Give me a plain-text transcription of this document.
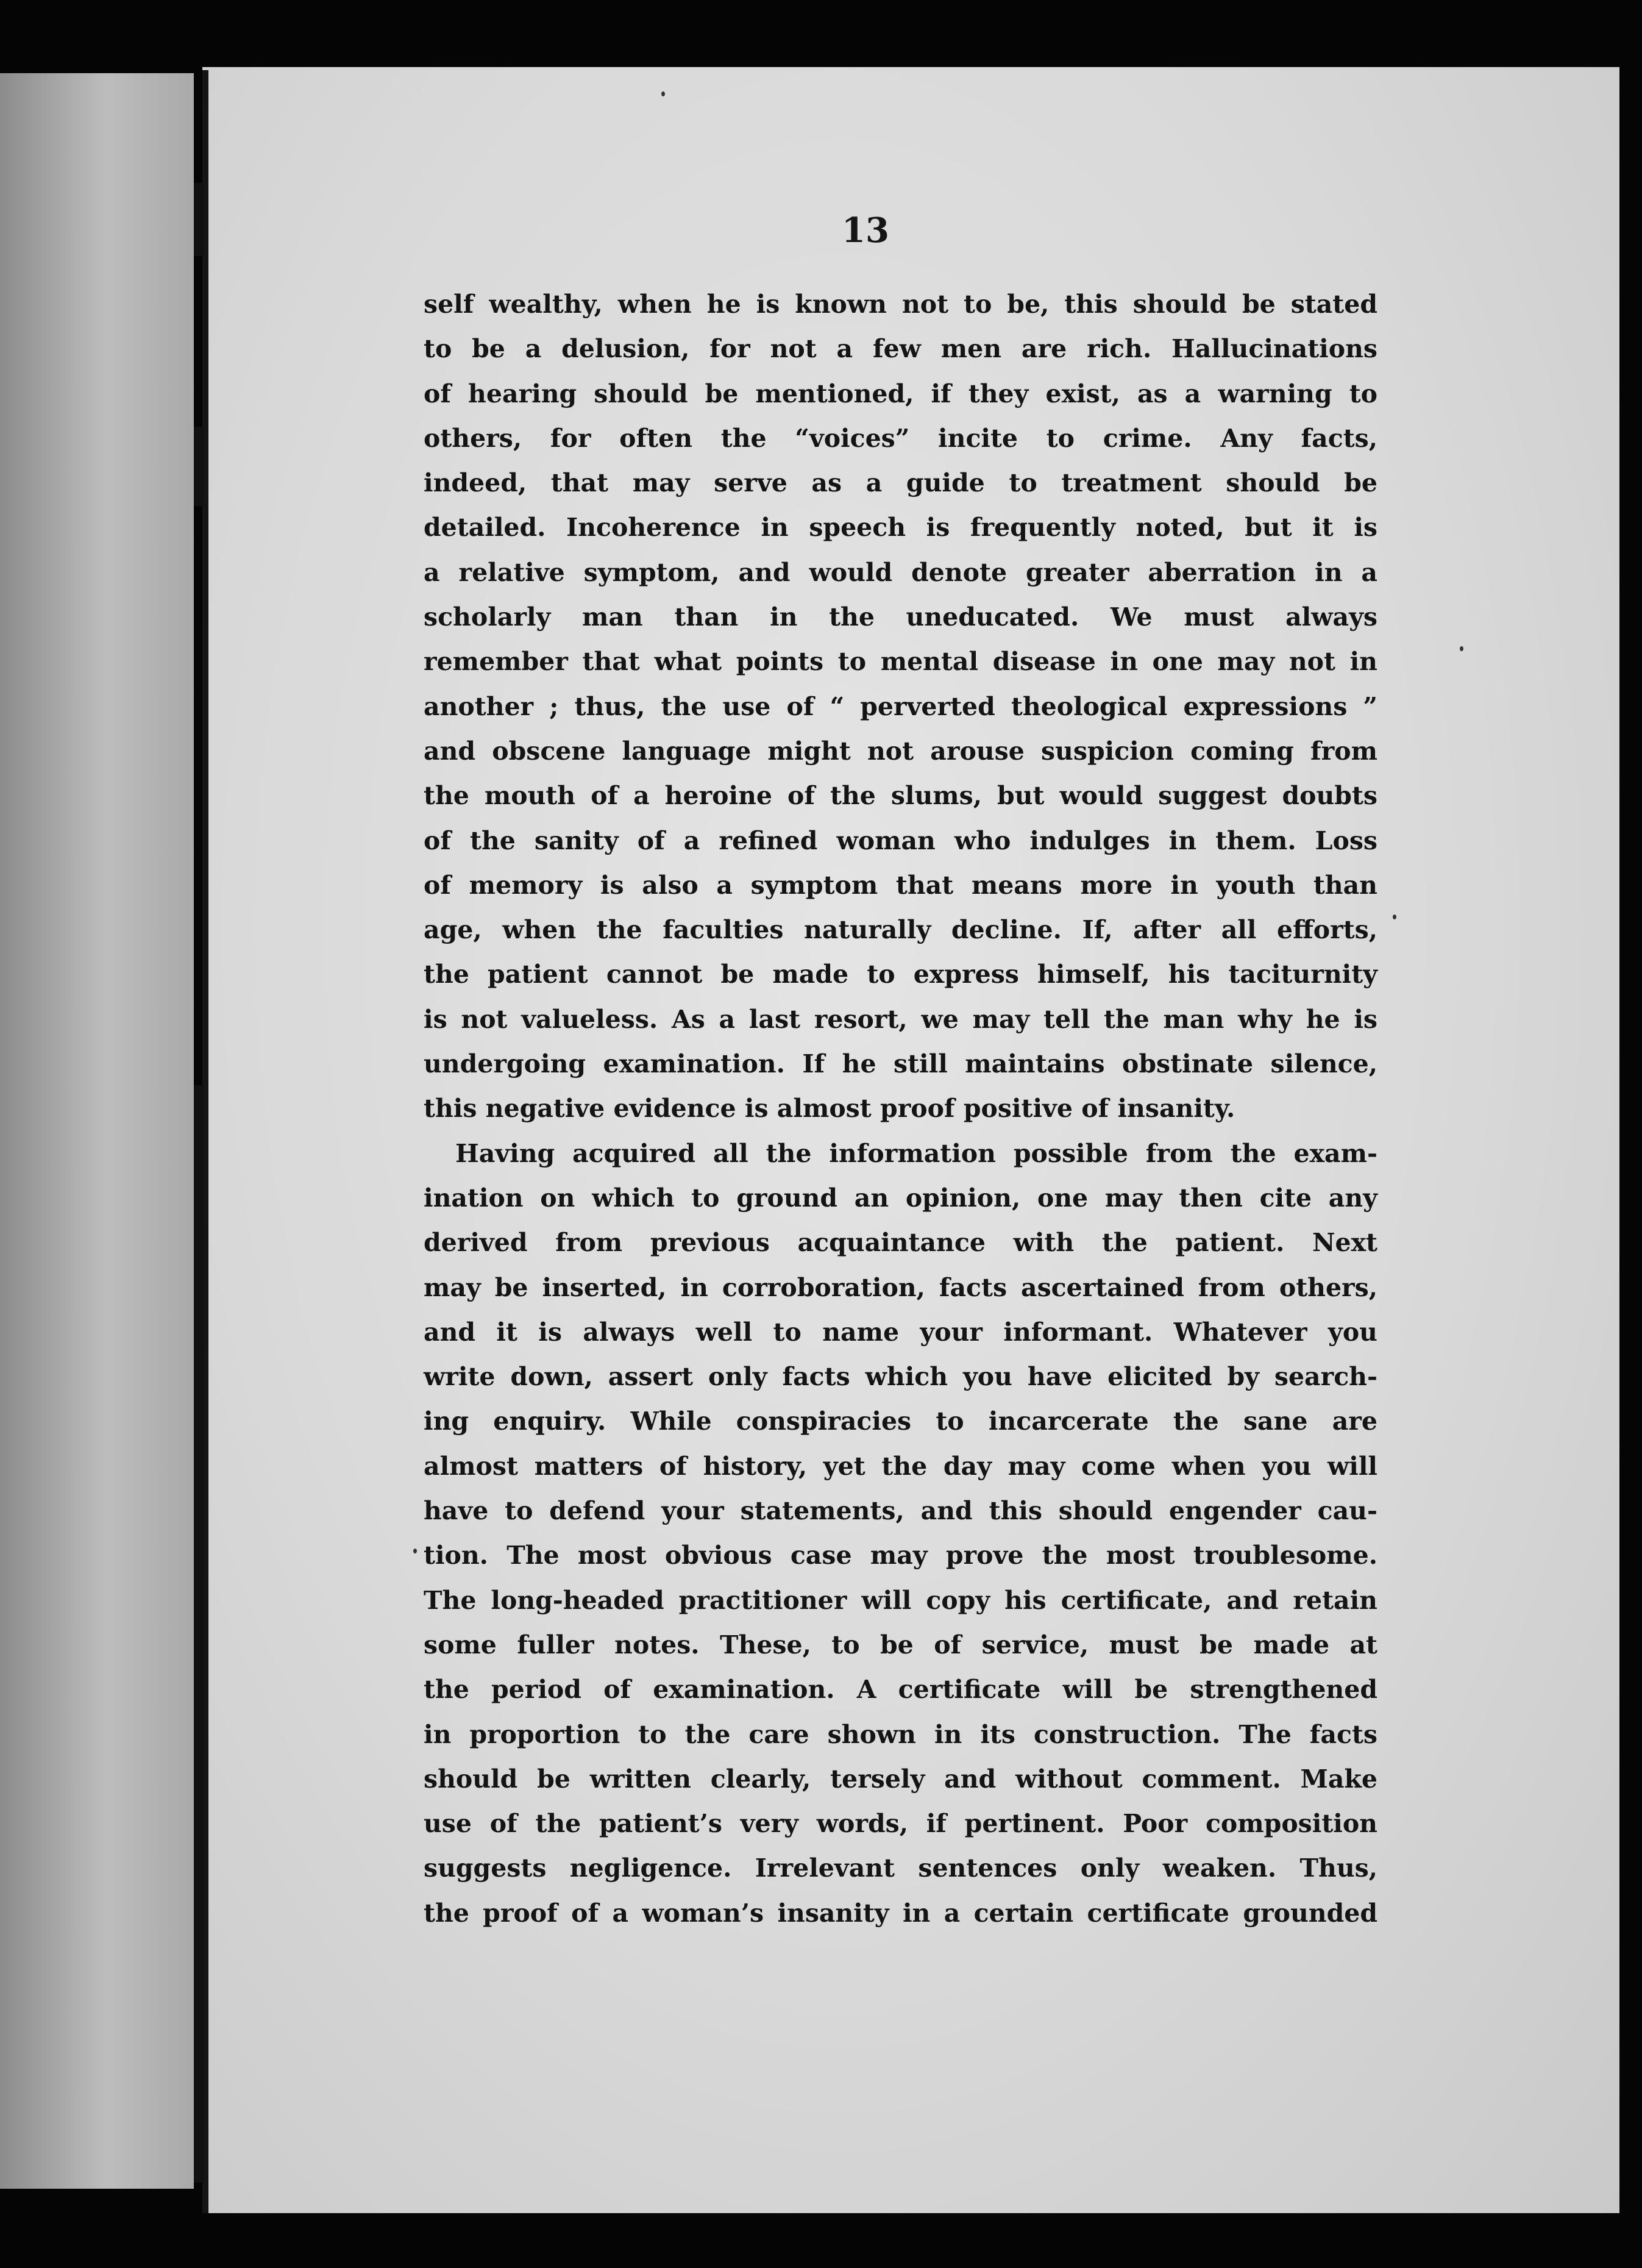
13
self wealthy, when he is known not to be, this should be stated
to be a delusion, for not a few men are rich. Hallucinations
of hearing should be mentioned, if they exist, as a warning to
others, for often the “voices” incite to crime. Any facts,
indeed, that may serve as a guide to treatment should be
detailed. Incoherence in speech is frequently noted, but it is
a relative symptom, and would denote greater aberration in a
scholarly man than in the uneducated. We must always
remember that what points to mental disease in one may not in
another ; thus, the use of “ perverted theological expressions ”
and obscene language might not arouse suspicion coming from
the mouth of a heroine of the slums, but would suggest doubts
of the sanity of a refined woman who indulges in them. Loss
of memory is also a symptom that means more in youth than
age, when the faculties naturally decline. If, after all efforts,
the patient cannot be made to express himself, his taciturnity
is not valueless. As a last resort, we may tell the man why he is
undergoing examination. If he still maintains obstinate silence,
this negative evidence is almost proof positive of insanity.
Having acquired all the information possible from the exam-
ination on which to ground an opinion, one may then cite any
derived from previous acquaintance with the patient. Next
may be inserted, in corroboration, facts ascertained from others,
and it is always well to name your informant. Whatever you
write down, assert only facts which you have elicited by search-
ing enquiry. While conspiracies to incarcerate the sane are
almost matters of history, yet the day may come when you will
have to defend your statements, and this should engender cau-
tion. The most obvious case may prove the most troublesome.
The long-headed practitioner will copy his certificate, and retain
some fuller notes. These, to be of service, must be made at
the period of examination. A certificate will be strengthened
in proportion to the care shown in its construction. The facts
should be written clearly, tersely and without comment. Make
use of the patient’s very words, if pertinent. Poor composition
suggests negligence. Irrelevant sentences only weaken. Thus,
the proof of a woman’s insanity in a certain certificate grounded
